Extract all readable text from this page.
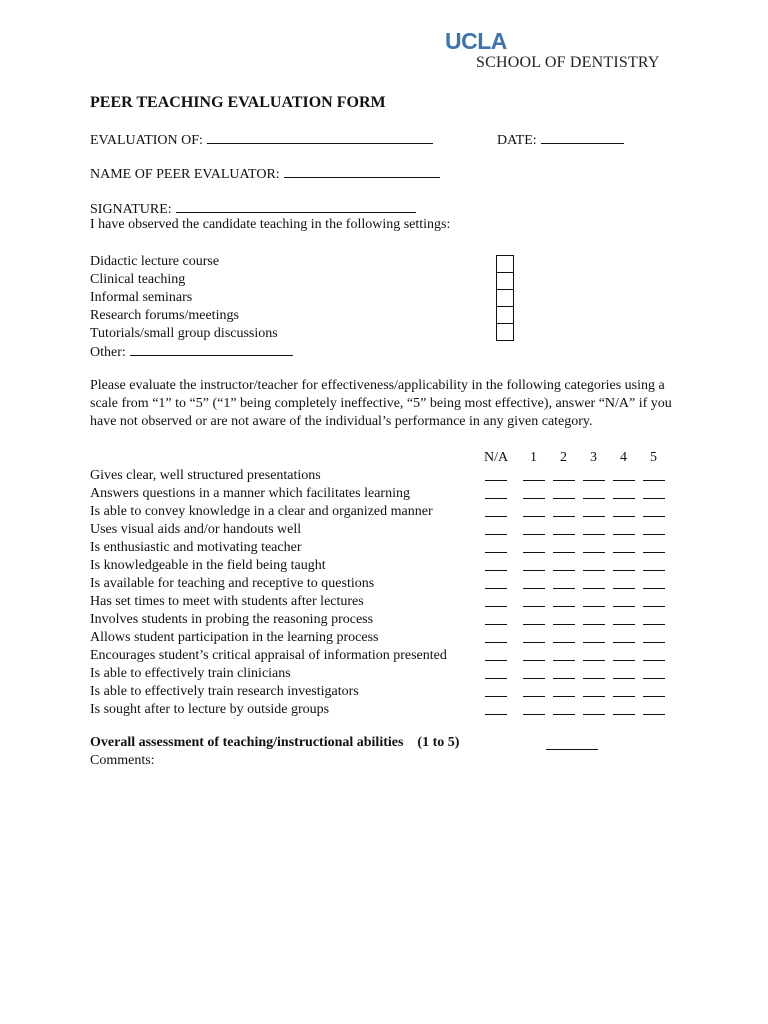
UCLA
SCHOOL OF DENTISTRY
PEER TEACHING EVALUATION FORM
EVALUATION OF:	DATE:
NAME OF PEER EVALUATOR:
SIGNATURE:
I have observed the candidate teaching in the following settings:
Didactic lecture course
Clinical teaching
Informal seminars
Research forums/meetings
Tutorials/small group discussions
Other:
Please evaluate the instructor/teacher for effectiveness/applicability in the following categories using a scale from “1” to “5” (“1” being completely ineffective, “5” being most effective), answer “N/A” if you have not observed or are not aware of the individual’s performance in any given category.
N/A 1 2 3 4 5
Gives clear, well structured presentations
Answers questions in a manner which facilitates learning
Is able to convey knowledge in a clear and organized manner
Uses visual aids and/or handouts well
Is enthusiastic and motivating teacher
Is knowledgeable in the field being taught
Is available for teaching and receptive to questions
Has set times to meet with students after lectures
Involves students in probing the reasoning process
Allows student participation in the learning process
Encourages student’s critical appraisal of information presented
Is able to effectively train clinicians
Is able to effectively train research investigators
Is sought after to lecture by outside groups
Overall assessment of teaching/instructional abilities    (1 to 5)
Comments:
